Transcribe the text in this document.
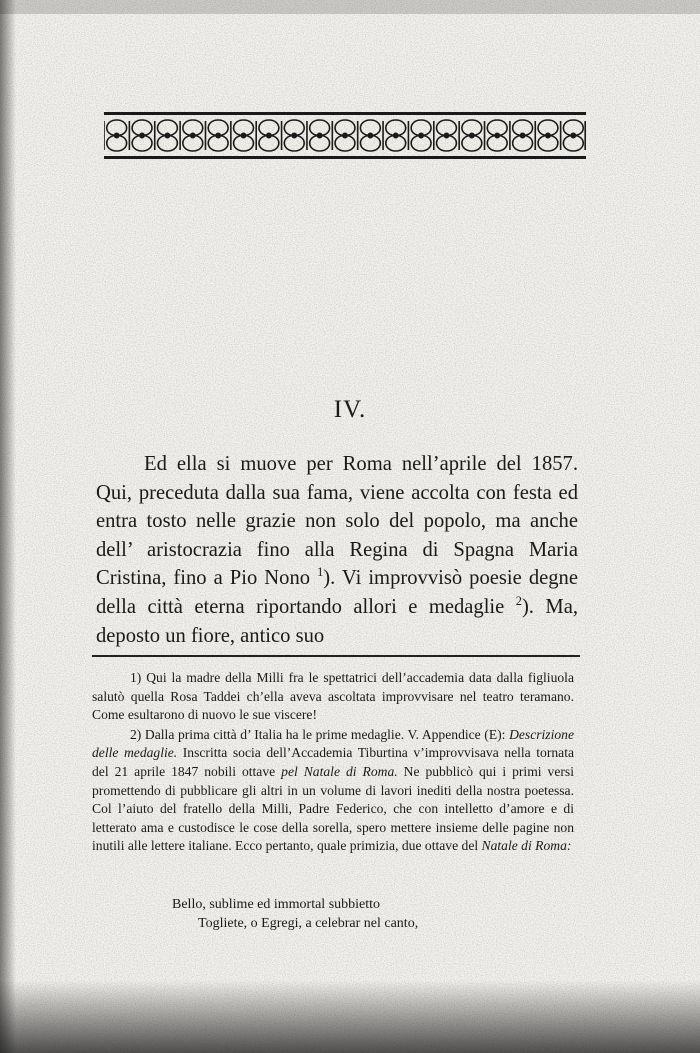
IV.

Ed ella si muove per Roma nell’aprile del 1857. Qui, preceduta dalla sua fama, viene accolta con festa ed entra tosto nelle grazie non solo del popolo, ma anche dell’ aristocrazia fino alla Regina di Spagna Maria Cristina, fino a Pio Nono $^1$). Vi improvvisò poesie degne della città eterna riportando allori e medaglie $^2$). Ma, deposto un fiore, antico suo

1) Qui la madre della Milli fra le spettatrici dell’accademia data dalla figliuola salutò quella Rosa Taddei ch’ella aveva ascoltata improvvisare nel teatro teramano. Come esultarono di nuovo le sue viscere!

2) Dalla prima città d’ Italia ha le prime medaglie. V. Appendice (E): Descrizione delle medaglie. Inscritta socia dell’Accademia Tiburtina v’improvvisava nella tornata del 21 aprile 1847 nobili ottave pel Natale di Roma. Ne pubblicò qui i primi versi promettendo di pubblicare gli altri in un volume di lavori inediti della nostra poetessa. Col l’aiuto del fratello della Milli, Padre Federico, che con intelletto d’amore e di letterato ama e custodisce le cose della sorella, spero mettere insieme delle pagine non inutili alle lettere italiane. Ecco pertanto, quale primizia, due ottave del Natale di Roma:

Bello, sublime ed immortal subbietto
Togliete, o Egregi, a celebrar nel canto,
